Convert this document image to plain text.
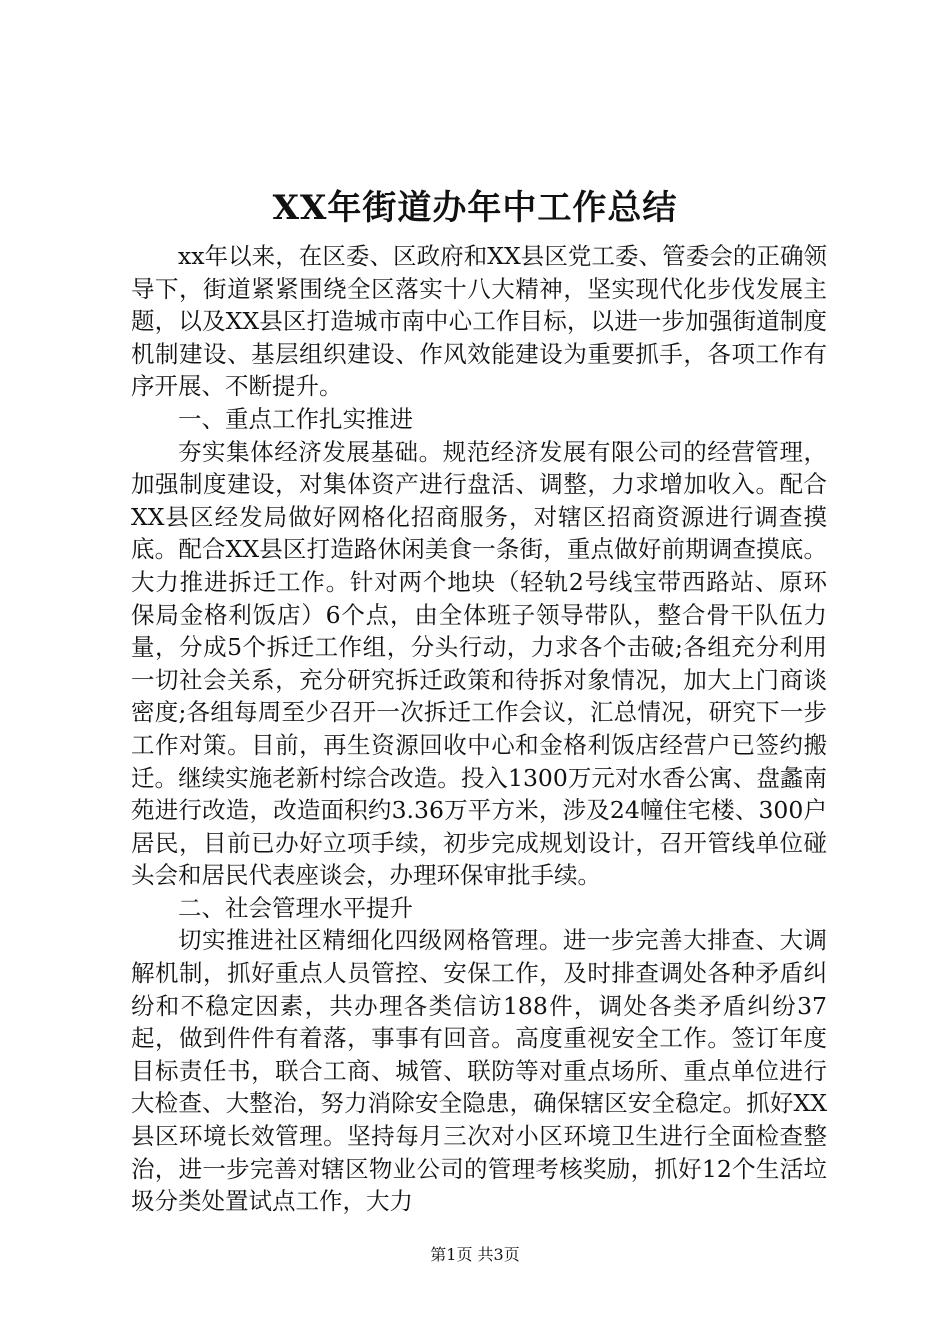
XX年街道办年中工作总结

xx年以来，在区委、区政府和XX县区党工委、管委会的正确领导下，街道紧紧围绕全区落实十八大精神，坚实现代化步伐发展主题，以及XX县区打造城市南中心工作目标，以进一步加强街道制度机制建设、基层组织建设、作风效能建设为重要抓手，各项工作有序开展、不断提升。

一、重点工作扎实推进

夯实集体经济发展基础。规范经济发展有限公司的经营管理，加强制度建设，对集体资产进行盘活、调整，力求增加收入。配合XX县区经发局做好网格化招商服务，对辖区招商资源进行调查摸底。配合XX县区打造路休闲美食一条街，重点做好前期调查摸底。大力推进拆迁工作。针对两个地块（轻轨2号线宝带西路站、原环保局金格利饭店）6个点，由全体班子领导带队，整合骨干队伍力量，分成5个拆迁工作组，分头行动，力求各个击破;各组充分利用一切社会关系，充分研究拆迁政策和待拆对象情况，加大上门商谈密度;各组每周至少召开一次拆迁工作会议，汇总情况，研究下一步工作对策。目前，再生资源回收中心和金格利饭店经营户已签约搬迁。继续实施老新村综合改造。投入1300万元对水香公寓、盘蠡南苑进行改造，改造面积约3.36万平方米，涉及24幢住宅楼、300户居民，目前已办好立项手续，初步完成规划设计，召开管线单位碰头会和居民代表座谈会，办理环保审批手续。

二、社会管理水平提升

切实推进社区精细化四级网格管理。进一步完善大排查、大调解机制，抓好重点人员管控、安保工作，及时排查调处各种矛盾纠纷和不稳定因素，共办理各类信访188件，调处各类矛盾纠纷37起，做到件件有着落，事事有回音。高度重视安全工作。签订年度目标责任书，联合工商、城管、联防等对重点场所、重点单位进行大检查、大整治，努力消除安全隐患，确保辖区安全稳定。抓好XX县区环境长效管理。坚持每月三次对小区环境卫生进行全面检查整治，进一步完善对辖区物业公司的管理考核奖励，抓好12个生活垃圾分类处置试点工作，大力

第1页 共3页
